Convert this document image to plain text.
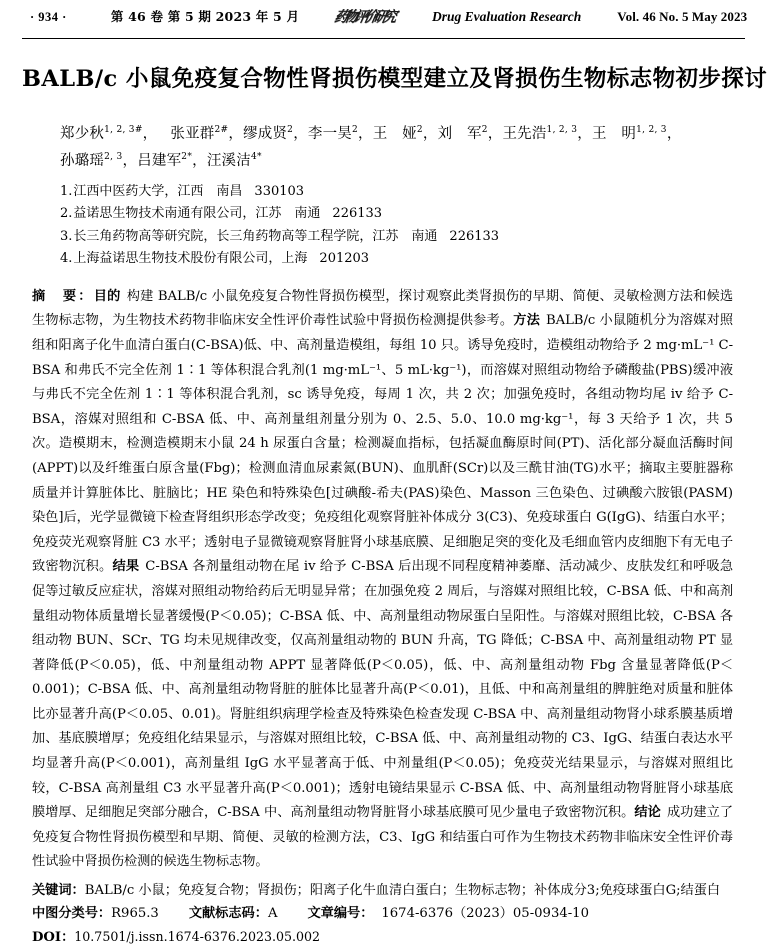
· 934 ·	第 46 卷 第 5 期 2023 年 5 月	药物评价研究	Drug Evaluation Research	Vol. 46 No. 5 May 2023
BALB/c 小鼠免疫复合物性肾损伤模型建立及肾损伤生物标志物初步探讨
郑少秋$^{1, 2, 3\#}$， 张亚群$^{2\#}$，缪成贤$^2$，李一昊$^2$，王　娅$^2$，刘　军$^2$，王先浩$^{1, 2, 3}$，王　明$^{1, 2, 3}$，
孙璐瑶$^{2, 3}$，吕建军$^{2*}$，汪溪洁$^{4*}$
1.江西中医药大学，江西　南昌 330103
2.益诺思生物技术南通有限公司，江苏　南通 226133
3.长三角药物高等研究院，长三角药物高等工程学院，江苏　南通 226133
4.上海益诺思生物技术股份有限公司，上海 201203
摘　要：目的 构建 BALB/c 小鼠免疫复合物性肾损伤模型，探讨观察此类肾损伤的早期、简便、灵敏检测方法和候选生物标志物，为生物技术药物非临床安全性评价毒性试验中肾损伤检测提供参考。方法 BALB/c 小鼠随机分为溶媒对照组和阳离子化牛血清白蛋白(C-BSA)低、中、高剂量造模组，每组 10 只。诱导免疫时，造模组动物给予 2 mg·mL⁻¹ C-BSA 和弗氏不完全佐剂 1∶1 等体积混合乳剂(1 mg·mL⁻¹、5 mL·kg⁻¹)，而溶媒对照组动物给予磷酸盐(PBS)缓冲液与弗氏不完全佐剂 1∶1 等体积混合乳剂，sc 诱导免疫，每周 1 次，共 2 次；加强免疫时，各组动物均尾 iv 给予 C-BSA，溶媒对照组和 C-BSA 低、中、高剂量组剂量分别为 0、2.5、5.0、10.0 mg·kg⁻¹，每 3 天给予 1 次，共 5 次。造模期末，检测造模期末小鼠 24 h 尿蛋白含量；检测凝血指标，包括凝血酶原时间(PT)、活化部分凝血活酶时间(APPT)以及纤维蛋白原含量(Fbg)；检测血清血尿素氮(BUN)、血肌酐(SCr)以及三酰甘油(TG)水平；摘取主要脏器称质量并计算脏体比、脏脑比；HE 染色和特殊染色[过碘酸-希夫(PAS)染色、Masson 三色染色、过碘酸六胺银(PASM)染色]后，光学显微镜下检查肾组织形态学改变；免疫组化观察肾脏补体成分 3(C3)、免疫球蛋白 G(IgG)、结蛋白水平；免疫荧光观察肾脏 C3 水平；透射电子显微镜观察肾脏肾小球基底膜、足细胞足突的变化及毛细血管内皮细胞下有无电子致密物沉积。结果 C-BSA 各剂量组动物在尾 iv 给予 C-BSA 后出现不同程度精神萎靡、活动减少、皮肤发红和呼吸急促等过敏反应症状，溶媒对照组动物给药后无明显异常；在加强免疫 2 周后，与溶媒对照组比较，C-BSA 低、中和高剂量组动物体质量增长显著缓慢(P＜0.05)；C-BSA 低、中、高剂量组动物尿蛋白呈阳性。与溶媒对照组比较，C-BSA 各组动物 BUN、SCr、TG 均未见规律改变，仅高剂量组动物的 BUN 升高，TG 降低；C-BSA 中、高剂量组动物 PT 显著降低(P＜0.05)，低、中剂量组动物 APPT 显著降低(P＜0.05)，低、中、高剂量组动物 Fbg 含量显著降低(P＜0.001)；C-BSA 低、中、高剂量组动物肾脏的脏体比显著升高(P＜0.01)，且低、中和高剂量组的脾脏绝对质量和脏体比亦显著升高(P＜0.05、0.01)。肾脏组织病理学检查及特殊染色检查发现 C-BSA 中、高剂量组动物肾小球系膜基质增加、基底膜增厚；免疫组化结果显示，与溶媒对照组比较，C-BSA 低、中、高剂量组动物的 C3、IgG、结蛋白表达水平均显著升高(P＜0.001)，高剂量组 IgG 水平显著高于低、中剂量组(P＜0.05)；免疫荧光结果显示，与溶媒对照组比较，C-BSA 高剂量组 C3 水平显著升高(P＜0.001)；透射电镜结果显示 C-BSA 低、中、高剂量组动物肾脏肾小球基底膜增厚、足细胞足突部分融合，C-BSA 中、高剂量组动物肾脏肾小球基底膜可见少量电子致密物沉积。结论 成功建立了免疫复合物性肾损伤模型和早期、简便、灵敏的检测方法，C3、IgG 和结蛋白可作为生物技术药物非临床安全性评价毒性试验中肾损伤检测的候选生物标志物。
关键词：BALB/c 小鼠；免疫复合物；肾损伤；阳离子化牛血清白蛋白；生物标志物；补体成分3;免疫球蛋白G;结蛋白
中图分类号：R965.3 文献标志码：A 文章编号： 1674-6376（2023）05-0934-10
DOI：10.7501/j.issn.1674-6376.2023.05.002
